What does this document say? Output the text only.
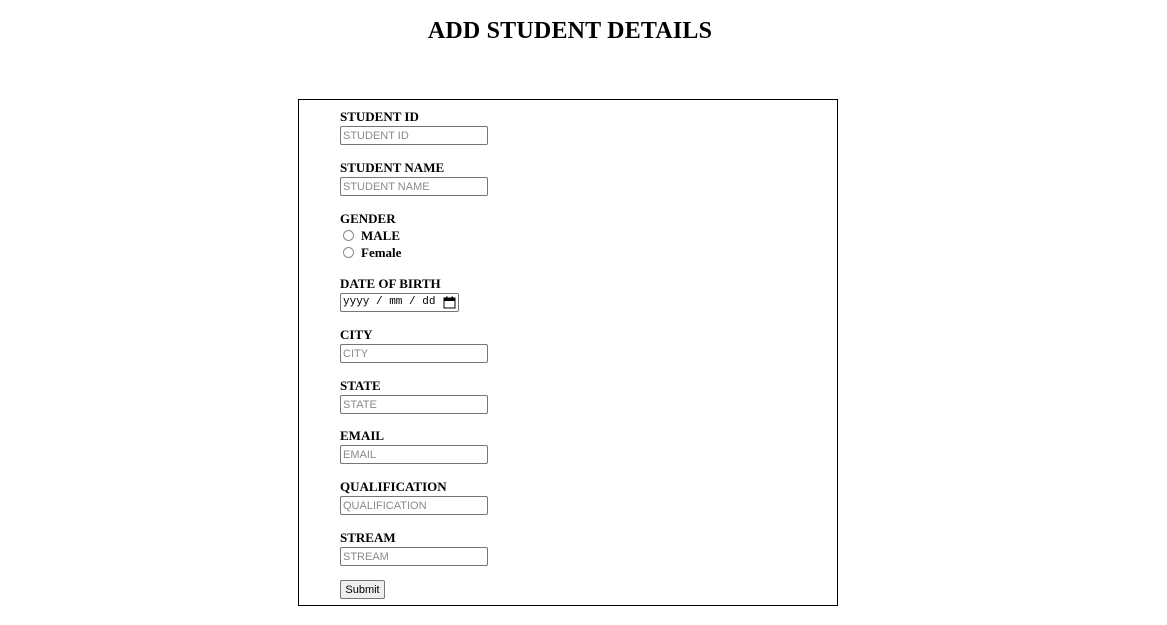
ADD STUDENT DETAILS
STUDENT ID
STUDENT ID
STUDENT NAME
STUDENT NAME
GENDER
MALE
Female
DATE OF BIRTH
yyyy / mm / dd
CITY
CITY
STATE
STATE
EMAIL
EMAIL
QUALIFICATION
QUALIFICATION
STREAM
STREAM
Submit
